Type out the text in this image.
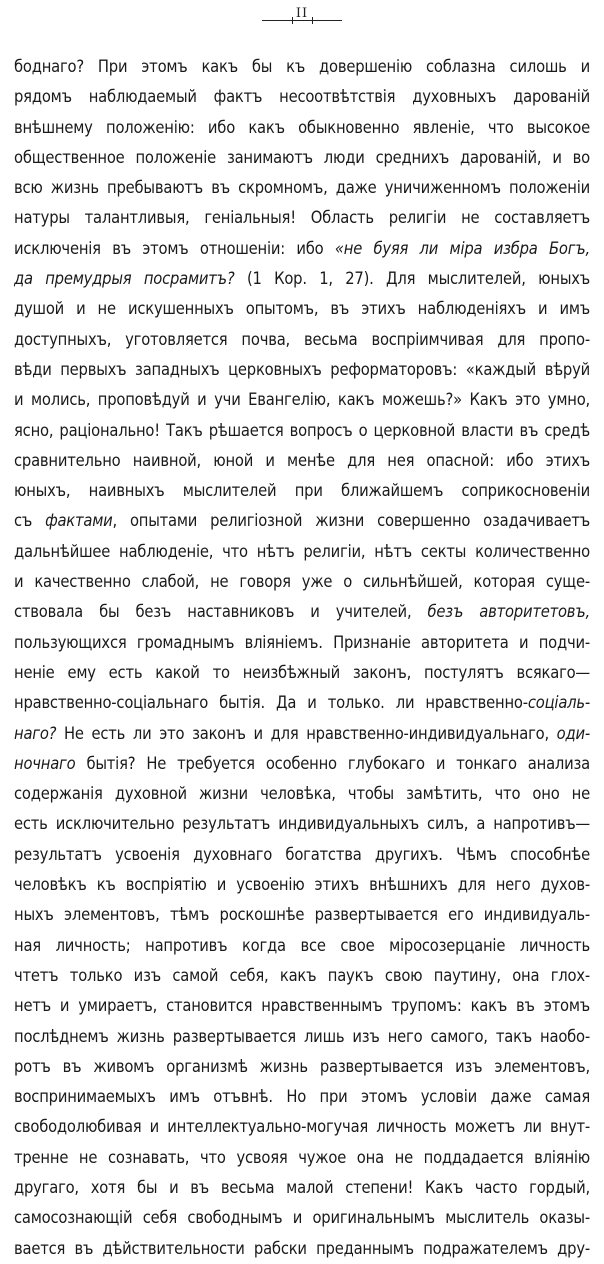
II
боднаго? При этомъ какъ бы къ довершенію соблазна силошь и
рядомъ наблюдаемый фактъ несоотвѣтствія духовныхъ дарованій
внѣшнему положенію: ибо какъ обыкновенно явленіе, что высокое
общественное положеніе занимаютъ люди среднихъ дарованій, и во
всю жизнь пребываютъ въ скромномъ, даже уничиженномъ положеніи
натуры талантливыя, геніальныя! Область религіи не составляетъ
исключенія въ этомъ отношеніи: ибо «не буяя ли міра избра Богъ,
да премудрыя посрамитъ? (1 Кор. 1, 27). Для мыслителей, юныхъ
душой и не искушенныхъ опытомъ, въ этихъ наблюденіяхъ и имъ
доступныхъ, уготовляется почва, весьма воспріимчивая для пропо-
вѣди первыхъ западныхъ церковныхъ реформаторовъ: «каждый вѣруй
и молись, проповѣдуй и учи Евангелію, какъ можешь?» Какъ это умно,
ясно, раціонально! Такъ рѣшается вопросъ о церковной власти въ средѣ
сравнительно наивной, юной и менѣе для нея опасной: ибо этихъ
юныхъ, наивныхъ мыслителей при ближайшемъ соприкосновеніи
съ фактами, опытами религіозной жизни совершенно озадачиваетъ
дальнѣйшее наблюденіе, что нѣтъ религіи, нѣтъ секты количественно
и качественно слабой, не говоря уже о сильнѣйшей, которая суще-
ствовала бы безъ наставниковъ и учителей, безъ авторитетовъ,
пользующихся громаднымъ вліяніемъ. Признаніе авторитета и подчи-
неніе ему есть какой то неизбѣжный законъ, постулятъ всякаго—
нравственно-соціальнаго бытія. Да и только. ли нравственно-соціаль-
наго? Не есть ли это законъ и для нравственно-индивидуальнаго, оди-
ночнаго бытія? Не требуется особенно глубокаго и тонкаго анализа
содержанія духовной жизни человѣка, чтобы замѣтить, что оно не
есть исключительно результатъ индивидуальныхъ силъ, а напротивъ—
результатъ усвоенія духовнаго богатства другихъ. Чѣмъ способнѣе
человѣкъ къ воспріятію и усвоенію этихъ внѣшнихъ для него духов-
ныхъ элементовъ, тѣмъ роскошнѣе развертывается его индивидуаль-
ная личность; напротивъ когда все свое міросозерцаніе личность
чтетъ только изъ самой себя, какъ паукъ свою паутину, она глох-
нетъ и умираетъ, становится нравственнымъ трупомъ: какъ въ этомъ
послѣднемъ жизнь развертывается лишь изъ него самого, такъ наобо-
ротъ въ живомъ организмѣ жизнь развертывается изъ элементовъ,
воспринимаемыхъ имъ отъвнѣ. Но при этомъ условіи даже самая
свободолюбивая и интеллектуально-могучая личность можетъ ли внут-
тренне не сознавать, что усвояя чужое она не поддадается вліянію
другаго, хотя бы и въ весьма малой степени! Какъ часто гордый,
самосознающій себя свободнымъ и оригинальнымъ мыслитель оказы-
вается въ дѣйствительности рабски преданнымъ подражателемъ дру-
